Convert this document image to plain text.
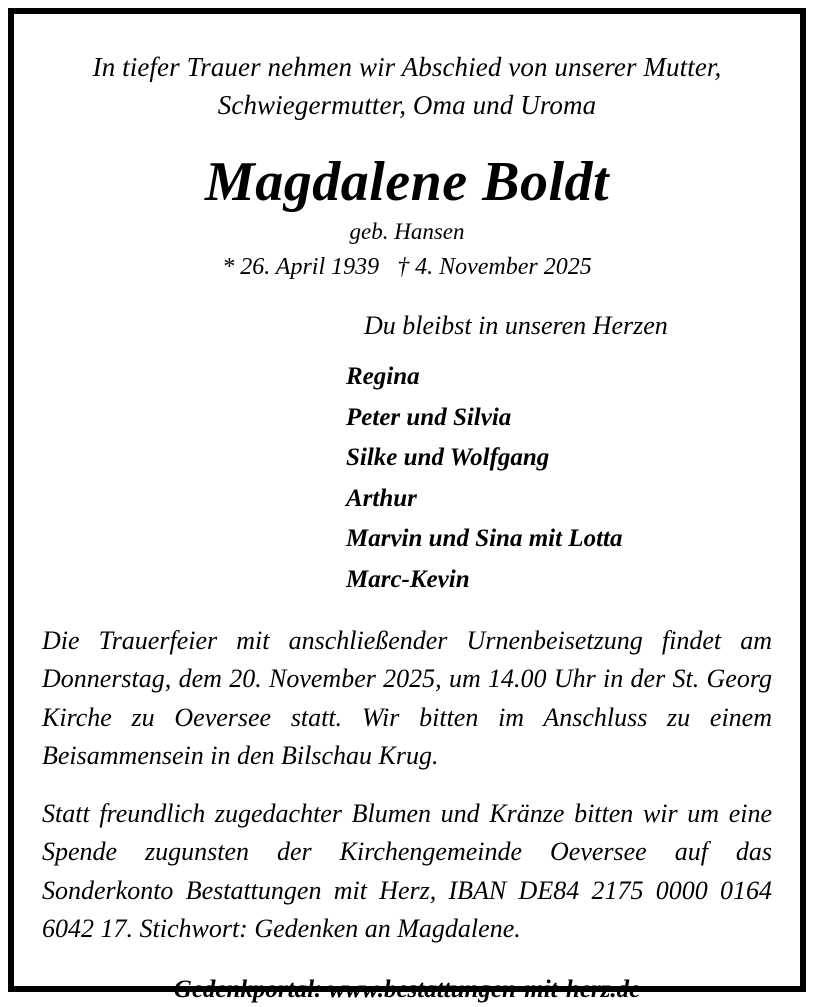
In tiefer Trauer nehmen wir Abschied von unserer Mutter,
Schwiegermutter, Oma und Uroma
Magdalene Boldt
geb. Hansen
* 26. April 1939   † 4. November 2025
Du bleibst in unseren Herzen
Regina
Peter und Silvia
Silke und Wolfgang
Arthur
Marvin und Sina mit Lotta
Marc-Kevin

Die Trauerfeier mit anschließender Urnenbeisetzung findet am Donnerstag, dem 20. November 2025, um 14.00 Uhr in der St. Georg Kirche zu Oeversee statt. Wir bitten im Anschluss zu einem Beisammensein in den Bilschau Krug.

Statt freundlich zugedachter Blumen und Kränze bitten wir um eine Spende zugunsten der Kirchengemeinde Oeversee auf das Sonderkonto Bestattungen mit Herz, IBAN DE84 2175 0000 0164 6042 17. Stichwort: Gedenken an Magdalene.

Gedenkportal: www.bestattungen-mit-herz.de
